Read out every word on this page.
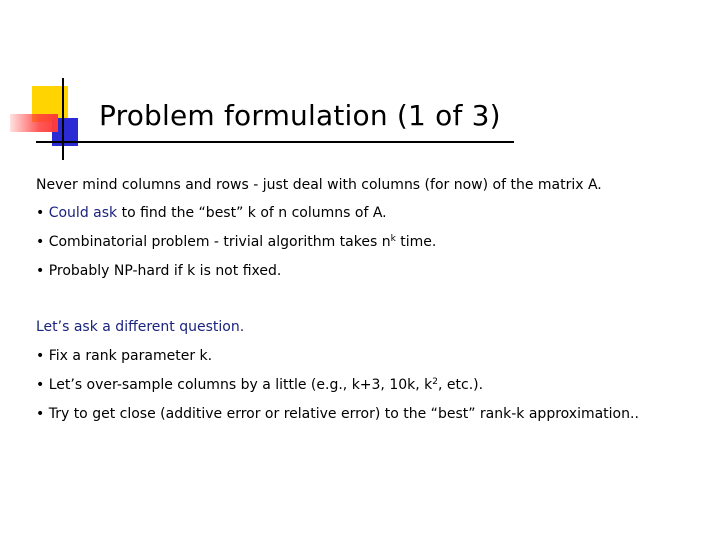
Problem formulation (1 of 3)
Never mind columns and rows - just deal with columns (for now) of the matrix A.
• Could ask to find the “best” k of n columns of A.
• Combinatorial problem - trivial algorithm takes $n^k$ time.
• Probably NP-hard if k is not fixed.
Let’s ask a different question.
• Fix a rank parameter k.
• Let’s over-sample columns by a little (e.g., k+3, 10k, $k^2$, etc.).
• Try to get close (additive error or relative error) to the “best” rank-k approximation..
